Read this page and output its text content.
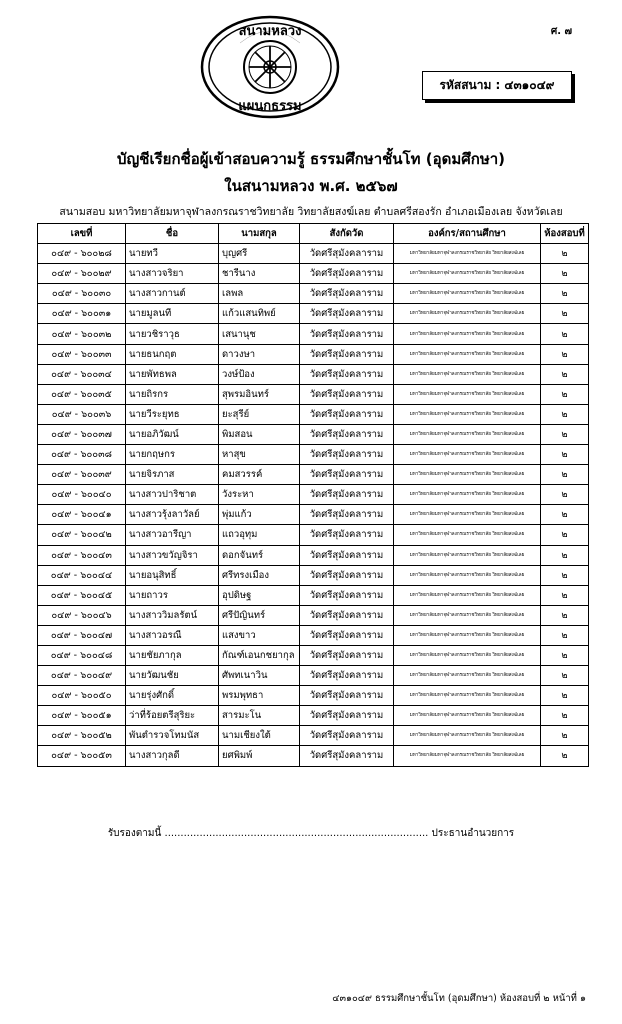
ศ. ๗
สนามหลวง
แผนกธรรม
รหัสสนาม : ๔๓๑๐๔๙
บัญชีเรียกชื่อผู้เข้าสอบความรู้ ธรรมศึกษาชั้นโท (อุดมศึกษา)
ในสนามหลวง พ.ศ. ๒๕๖๗
สนามสอบ มหาวิทยาลัยมหาจุฬาลงกรณราชวิทยาลัย วิทยาลัยสงฆ์เลย ตำบลศรีสองรัก อำเภอเมืองเลย จังหวัดเลย
เลขที่	ชื่อ	นามสกุล	สังกัดวัด	องค์กร/สถานศึกษา	ห้องสอบที่
๐๔๙ - ๖๐๐๒๘	นายทวี	บุญศรี	วัดศรีสุมังคลาราม	มหาวิทยาลัยมหาจุฬาลงกรณราชวิทยาลัย วิทยาลัยสงฆ์เลย	๒
๐๔๙ - ๖๐๐๒๙	นางสาวจริยา	ชารีนาง	วัดศรีสุมังคลาราม	มหาวิทยาลัยมหาจุฬาลงกรณราชวิทยาลัย วิทยาลัยสงฆ์เลย	๒
๐๔๙ - ๖๐๐๓๐	นางสาวกานต์	เลพล	วัดศรีสุมังคลาราม	มหาวิทยาลัยมหาจุฬาลงกรณราชวิทยาลัย วิทยาลัยสงฆ์เลย	๒
๐๔๙ - ๖๐๐๓๑	นายมูลนที	แก้วแสนทิพย์	วัดศรีสุมังคลาราม	มหาวิทยาลัยมหาจุฬาลงกรณราชวิทยาลัย วิทยาลัยสงฆ์เลย	๒
๐๔๙ - ๖๐๐๓๒	นายวชิราวุธ	เสนานุช	วัดศรีสุมังคลาราม	มหาวิทยาลัยมหาจุฬาลงกรณราชวิทยาลัย วิทยาลัยสงฆ์เลย	๒
๐๔๙ - ๖๐๐๓๓	นายธนกฤต	ดาวงษา	วัดศรีสุมังคลาราม	มหาวิทยาลัยมหาจุฬาลงกรณราชวิทยาลัย วิทยาลัยสงฆ์เลย	๒
๐๔๙ - ๖๐๐๓๔	นายพัทธพล	วงษ์ป้อง	วัดศรีสุมังคลาราม	มหาวิทยาลัยมหาจุฬาลงกรณราชวิทยาลัย วิทยาลัยสงฆ์เลย	๒
๐๔๙ - ๖๐๐๓๕	นายถิรกร	สุพรมอินทร์	วัดศรีสุมังคลาราม	มหาวิทยาลัยมหาจุฬาลงกรณราชวิทยาลัย วิทยาลัยสงฆ์เลย	๒
๐๔๙ - ๖๐๐๓๖	นายวีระยุทธ	ยะสุรีย์	วัดศรีสุมังคลาราม	มหาวิทยาลัยมหาจุฬาลงกรณราชวิทยาลัย วิทยาลัยสงฆ์เลย	๒
๐๔๙ - ๖๐๐๓๗	นายอภิวัฒน์	พิมสอน	วัดศรีสุมังคลาราม	มหาวิทยาลัยมหาจุฬาลงกรณราชวิทยาลัย วิทยาลัยสงฆ์เลย	๒
๐๔๙ - ๖๐๐๓๘	นายกฤษกร	หาสุข	วัดศรีสุมังคลาราม	มหาวิทยาลัยมหาจุฬาลงกรณราชวิทยาลัย วิทยาลัยสงฆ์เลย	๒
๐๔๙ - ๖๐๐๓๙	นายจิรภาส	คมสวรรค์	วัดศรีสุมังคลาราม	มหาวิทยาลัยมหาจุฬาลงกรณราชวิทยาลัย วิทยาลัยสงฆ์เลย	๒
๐๔๙ - ๖๐๐๔๐	นางสาวปาริชาต	วังระหา	วัดศรีสุมังคลาราม	มหาวิทยาลัยมหาจุฬาลงกรณราชวิทยาลัย วิทยาลัยสงฆ์เลย	๒
๐๔๙ - ๖๐๐๔๑	นางสาวรุ้งลาวัลย์	พุ่มแก้ว	วัดศรีสุมังคลาราม	มหาวิทยาลัยมหาจุฬาลงกรณราชวิทยาลัย วิทยาลัยสงฆ์เลย	๒
๐๔๙ - ๖๐๐๔๒	นางสาวอารีญา	แถวอุทุม	วัดศรีสุมังคลาราม	มหาวิทยาลัยมหาจุฬาลงกรณราชวิทยาลัย วิทยาลัยสงฆ์เลย	๒
๐๔๙ - ๖๐๐๔๓	นางสาวขวัญจิรา	ดอกจันทร์	วัดศรีสุมังคลาราม	มหาวิทยาลัยมหาจุฬาลงกรณราชวิทยาลัย วิทยาลัยสงฆ์เลย	๒
๐๔๙ - ๖๐๐๔๔	นายอนุสิทธิ์	ศรีทรงเมือง	วัดศรีสุมังคลาราม	มหาวิทยาลัยมหาจุฬาลงกรณราชวิทยาลัย วิทยาลัยสงฆ์เลย	๒
๐๔๙ - ๖๐๐๔๕	นายถาวร	อุปดิษฐ	วัดศรีสุมังคลาราม	มหาวิทยาลัยมหาจุฬาลงกรณราชวิทยาลัย วิทยาลัยสงฆ์เลย	๒
๐๔๙ - ๖๐๐๔๖	นางสาววิมลรัตน์	ศรีปัญินทร์	วัดศรีสุมังคลาราม	มหาวิทยาลัยมหาจุฬาลงกรณราชวิทยาลัย วิทยาลัยสงฆ์เลย	๒
๐๔๙ - ๖๐๐๔๗	นางสาวอรณี	แสงขาว	วัดศรีสุมังคลาราม	มหาวิทยาลัยมหาจุฬาลงกรณราชวิทยาลัย วิทยาลัยสงฆ์เลย	๒
๐๔๙ - ๖๐๐๔๘	นายชัยภากุล	กัณฑ์เอนกชยากุล	วัดศรีสุมังคลาราม	มหาวิทยาลัยมหาจุฬาลงกรณราชวิทยาลัย วิทยาลัยสงฆ์เลย	๒
๐๔๙ - ๖๐๐๔๙	นายวัฒนชัย	ศัพทเนาวิน	วัดศรีสุมังคลาราม	มหาวิทยาลัยมหาจุฬาลงกรณราชวิทยาลัย วิทยาลัยสงฆ์เลย	๒
๐๔๙ - ๖๐๐๕๐	นายรุ่งศักดิ์	พรมพุทธา	วัดศรีสุมังคลาราม	มหาวิทยาลัยมหาจุฬาลงกรณราชวิทยาลัย วิทยาลัยสงฆ์เลย	๒
๐๔๙ - ๖๐๐๕๑	ว่าที่ร้อยตรีสุริยะ	สารมะโน	วัดศรีสุมังคลาราม	มหาวิทยาลัยมหาจุฬาลงกรณราชวิทยาลัย วิทยาลัยสงฆ์เลย	๒
๐๔๙ - ๖๐๐๕๒	พันตำรวจโทมนัส	นามเชียงใต้	วัดศรีสุมังคลาราม	มหาวิทยาลัยมหาจุฬาลงกรณราชวิทยาลัย วิทยาลัยสงฆ์เลย	๒
๐๔๙ - ๖๐๐๕๓	นางสาวกุลดี	ยศพิมพ์	วัดศรีสุมังคลาราม	มหาวิทยาลัยมหาจุฬาลงกรณราชวิทยาลัย วิทยาลัยสงฆ์เลย	๒
รับรองตามนี้ ................................................................................... ประธานอำนวยการ
๔๓๑๐๔๙ ธรรมศึกษาชั้นโท (อุดมศึกษา) ห้องสอบที่ ๒ หน้าที่ ๑
